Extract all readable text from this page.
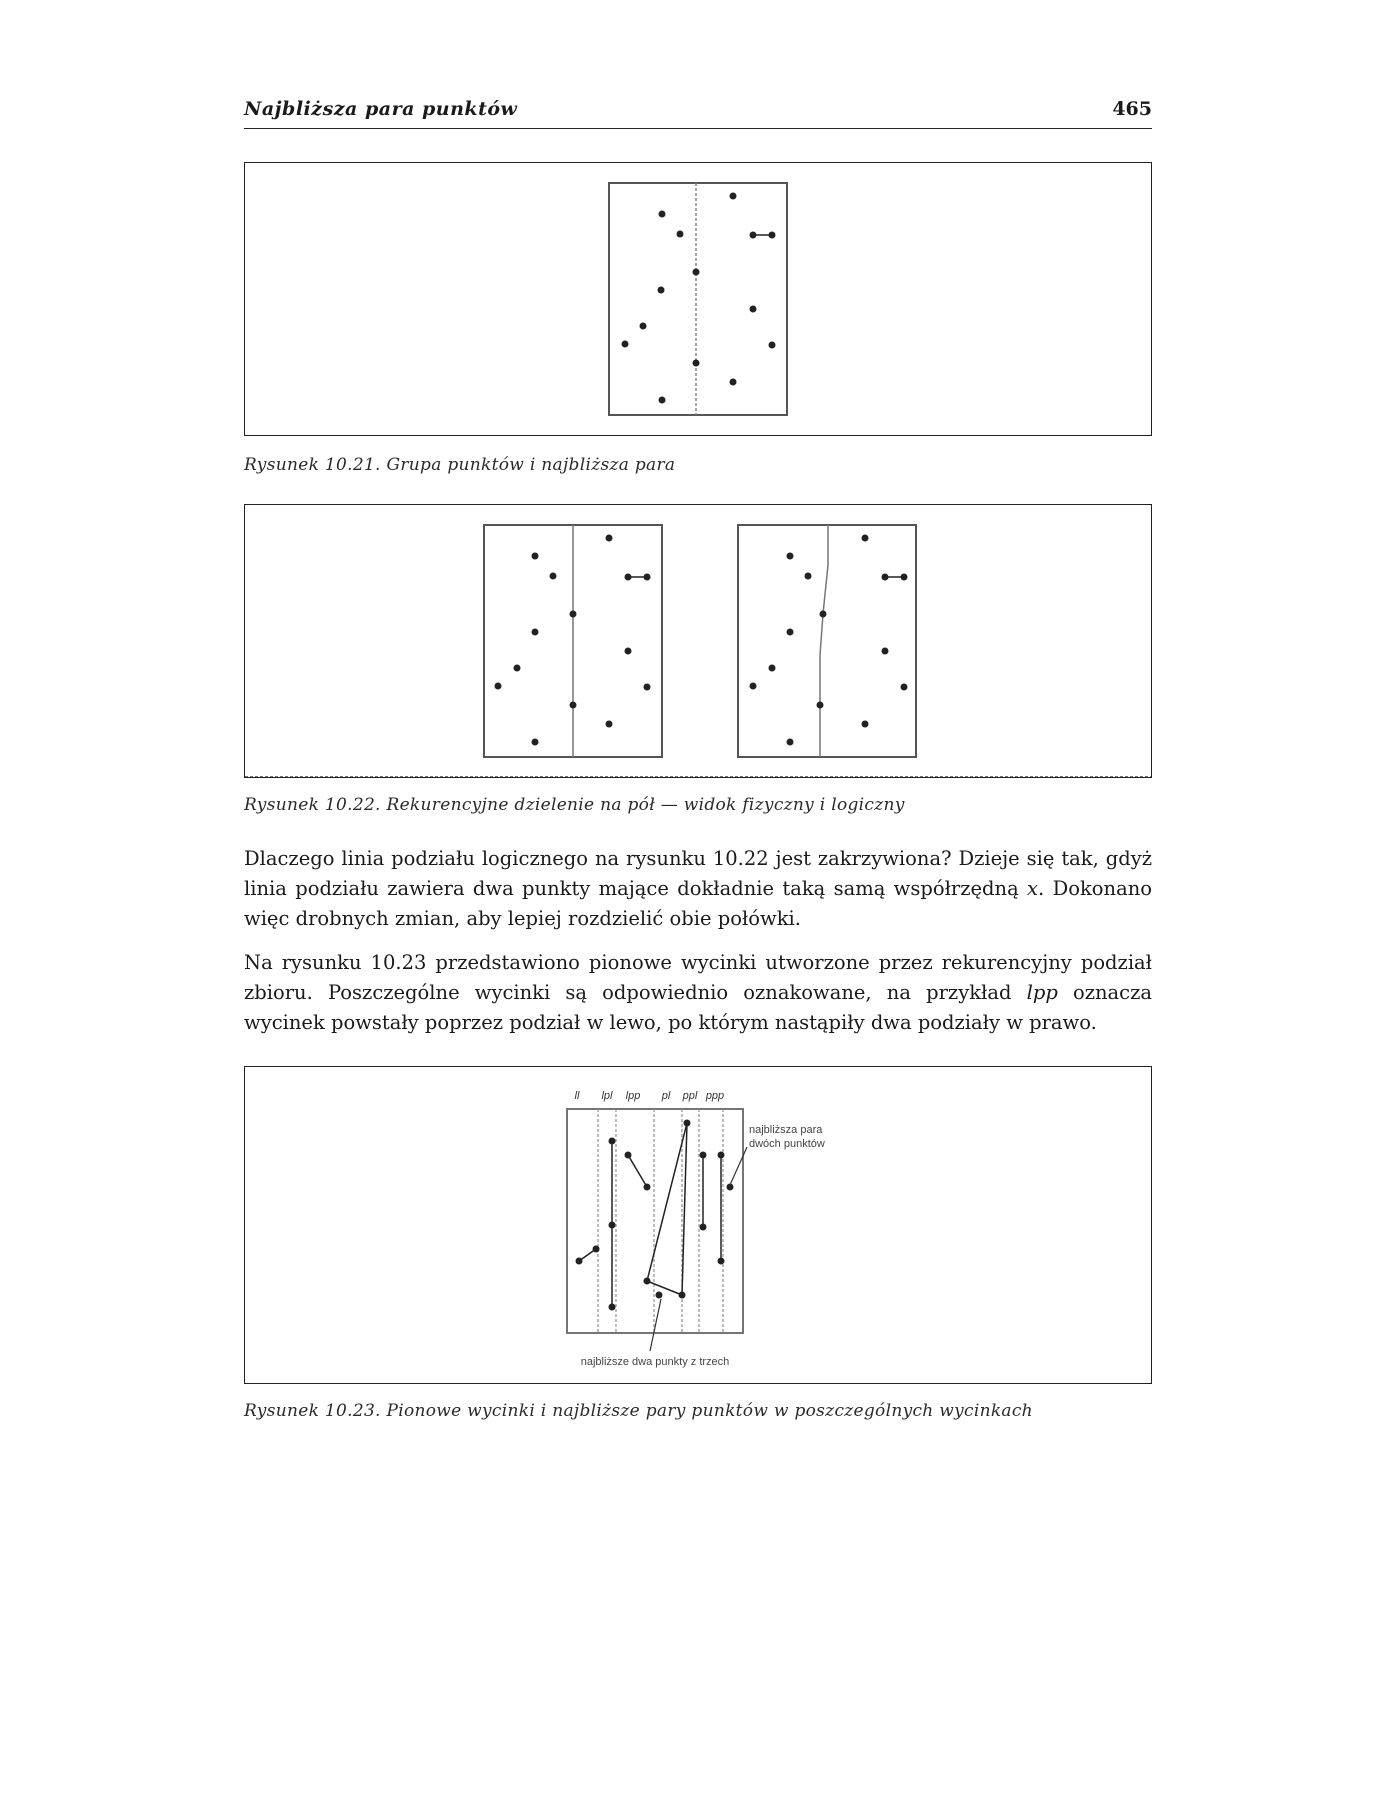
Najbliższa para punktów	465
Rysunek 10.21. Grupa punktów i najbliższa para
Rysunek 10.22. Rekurencyjne dzielenie na pół — widok fizyczny i logiczny

Dlaczego linia podziału logicznego na rysunku 10.22 jest zakrzywiona? Dzieje się tak, gdyż linia podziału zawiera dwa punkty mające dokładnie taką samą współrzędną x. Dokonano więc drobnych zmian, aby lepiej rozdzielić obie połówki.

Na rysunku 10.23 przedstawiono pionowe wycinki utworzone przez rekurencyjny podział zbioru. Poszczególne wycinki są odpowiednio oznakowane, na przykład lpp oznacza wycinek powstały poprzez podział w lewo, po którym nastąpiły dwa podziały w prawo.

ll lpl lpp pl ppl ppp
najbliższa para
dwóch punktów
najbliższe dwa punkty z trzech
Rysunek 10.23. Pionowe wycinki i najbliższe pary punktów w poszczególnych wycinkach
